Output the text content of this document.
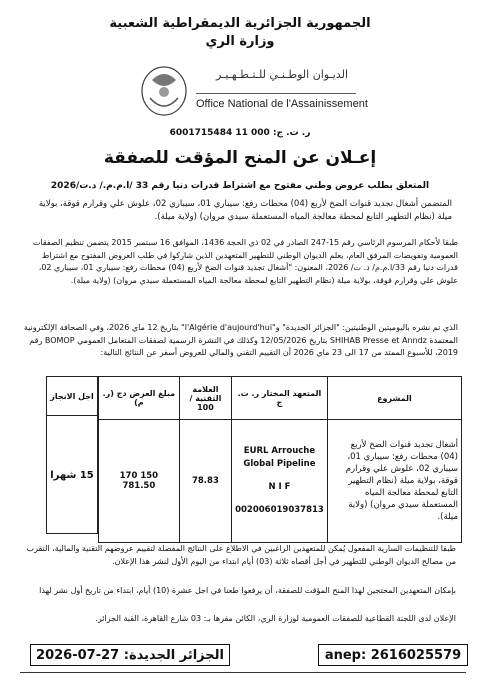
الجمهورية الجزائرية الديمقراطية الشعبية
وزارة الري
الديـوان الوطـنـي للـتـطـهـيـر
Office National de l'Assainissement
ر. ت. ج: 000 11 6001715484
إعـلان عن المنح المؤقت للصفقة
المتعلق بطلب عروض وطني مفتوح مع اشتراط قدرات دنيا رقم 33 /ا.م.م./ د.ت/2026
المتضمن أشغال تجديد قنوات الضخ لأربع (04) محطات رفع: سيباري 01، سيباري 02، علوش علي وقرارم قوقة، بولاية ميلة (نظام التطهير التابع لمحطة معالجة المياه المستعملة سيدي مروان) (ولاية ميلة).
طبقا لأحكام المرسوم الرئاسي رقم 15-247 الصادر في 02 ذي الحجة 1436، الموافق 16 سبتمبر 2015 يتضمن تنظيم الصفقات العمومية وتفويضات المرفق العام، يعلم الديوان الوطني للتطهير المتعهدين الذين شاركوا في طلب العروض المفتوح مع اشتراط قدرات دنيا رقم 33/ا.م.م/ د. ت/ 2026، المعنون: "أشغال تجديد قنوات الضخ لأربع (04) محطات رفع: سيباري 01، سيباري 02، علوش علي وقرارم قوقة، بولاية ميلة (نظام التطهير التابع لمحطة معالجة المياه المستعملة سيدي مروان) (ولاية ميلة).
الذي تم نشره باليوميتين الوطنيتين: "الجزائر الجديدة" و"l'Algérie d'aujourd'hui" بتاريخ 12 ماي 2026، وفي الصحافة الإلكترونية المعتمدة SHIHAB Presse et Anndz بتاريخ 12/05/2026 وكذلك في النشرة الرسمية لصفقات المتعامل العمومي BOMOP رقم 2019، للأسبوع الممتد من 17 الى 23 ماي 2026 أن التقييم التقني والمالي للعروض أسفر عن النتائج التالية:
المشروع	المتعهد المختار ر. ت. ج	العلامة التقنية / 100	مبلغ العرض دج (ر. م)
أشغال تجديد قنوات الضخ لأربع (04) محطات رفع: سيباري 01، سيباري 02، علوش علي وقرارم قوقة، بولاية ميلة (نظام التطهير التابع لمحطة معالجة المياه المستعملة سيدي مروان) (ولاية ميلة).	EURL Arrouche Global Pipeline
N I F
002006019037813	78.83	170 150 781.50
اجل الانجاز
15 شهرا
طبقا للتنظيمات السارية المفعول يُمكن للمتعهدين الراغبين في الاطلاع على النتائج المفصلة لتقييم عروضهم التقنية والمالية، التقرب من مصالح الديوان الوطني للتطهير في أجل أقصاه ثلاثة (03) أيام ابتداء من اليوم الأول لنشر هذا الإعلان.
بإمكان المتعهدين المحتجين لهذا المنح المؤقت للصفقة، أن يرفعوا طعنا في اجل عشرة (10) أيام، ابتداء من تاريخ أول نشر لهذا
الإعلان لدى اللجنة القطاعية للصفقات العمومية لوزارة الري، الكائن مقرها بـ: 03 شارع القاهرة، القبة الجزائر.
الجزائر الجديدة: 27-07-2026	anep: 2616025579
